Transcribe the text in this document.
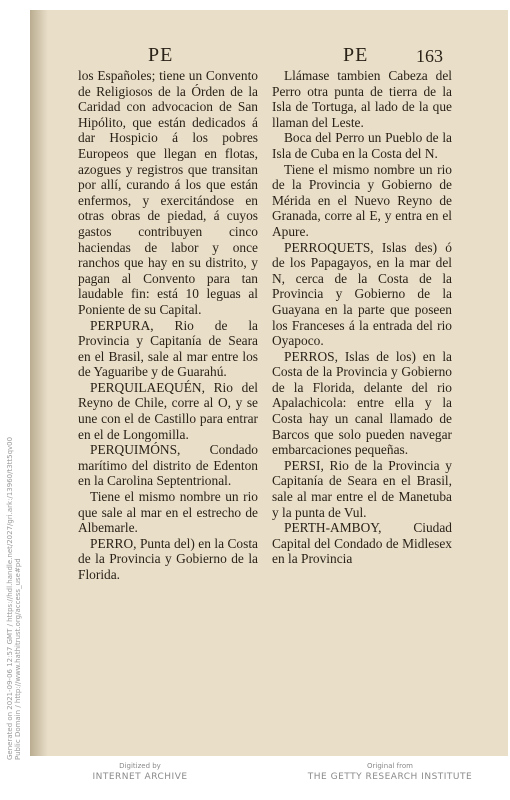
PE	PE	163

los Españoles; tiene un Convento de Religiosos de la Órden de la Caridad con advocacion de San Hipólito, que están dedicados á dar Hospicio á los pobres Europeos que llegan en flotas, azogues y registros que transitan por allí, curando á los que están enfermos, y exercitándose en otras obras de piedad, á cuyos gastos contribuyen cinco haciendas de labor y once ranchos que hay en su distrito, y pagan al Convento para tan laudable fin: está 10 leguas al Poniente de su Capital.

PERPURA, Rio de la Provincia y Capitanía de Seara en el Brasil, sale al mar entre los de Yaguaribe y de Guarahú.

PERQUILAEQUÉN, Rio del Reyno de Chile, corre al O, y se une con el de Castillo para entrar en el de Longomilla.

PERQUIMÓNS, Condado marítimo del distrito de Edenton en la Carolina Septentrional.

Tiene el mismo nombre un rio que sale al mar en el estrecho de Albemarle.

PERRO, Punta del) en la Costa de la Provincia y Gobierno de la Florida.

Llámase tambien Cabeza del Perro otra punta de tierra de la Isla de Tortuga, al lado de la que llaman del Leste.

Boca del Perro un Pueblo de la Isla de Cuba en la Costa del N.

Tiene el mismo nombre un rio de la Provincia y Gobierno de Mérida en el Nuevo Reyno de Granada, corre al E, y entra en el Apure.

PERROQUETS, Islas des) ó de los Papagayos, en la mar del N, cerca de la Costa de la Provincia y Gobierno de la Guayana en la parte que poseen los Franceses á la entrada del rio Oyapoco.

PERROS, Islas de los) en la Costa de la Provincia y Gobierno de la Florida, delante del rio Apalachicola: entre ella y la Costa hay un canal llamado de Barcos que solo pueden navegar embarcaciones pequeñas.

PERSI, Rio de la Provincia y Capitanía de Seara en el Brasil, sale al mar entre el de Manetuba y la punta de Vul.

PERTH-AMBOY, Ciudad Capital del Condado de Midlesex en la Provincia

Generated on 2021-09-06 12:57 GMT / https://hdl.handle.net/2027/gri.ark:/13960/t3tt5qv00 Public Domain / http://www.hathitrust.org/access_use#pd
Digitized by
INTERNET ARCHIVE
Original from
THE GETTY RESEARCH INSTITUTE
